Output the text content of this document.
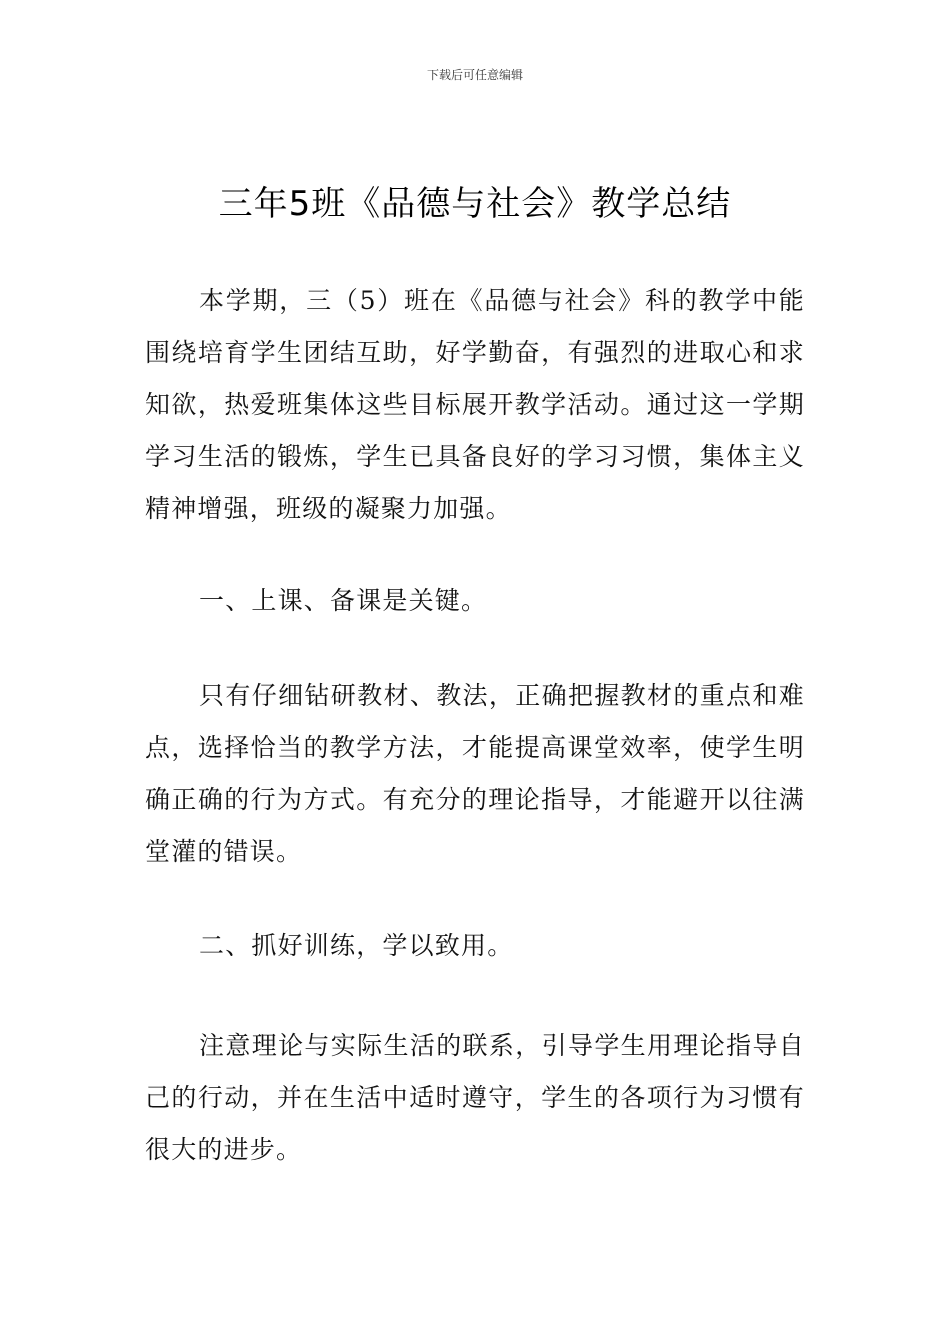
下载后可任意编辑
三年5班《品德与社会》教学总结

本学期，三（5）班在《品德与社会》科的教学中能围绕培育学生团结互助，好学勤奋，有强烈的进取心和求知欲，热爱班集体这些目标展开教学活动。通过这一学期学习生活的锻炼，学生已具备良好的学习习惯，集体主义精神增强，班级的凝聚力加强。

一、上课、备课是关键。

只有仔细钻研教材、教法，正确把握教材的重点和难点，选择恰当的教学方法，才能提高课堂效率，使学生明确正确的行为方式。有充分的理论指导，才能避开以往满堂灌的错误。

二、抓好训练，学以致用。

注意理论与实际生活的联系，引导学生用理论指导自己的行动，并在生活中适时遵守，学生的各项行为习惯有很大的进步。
